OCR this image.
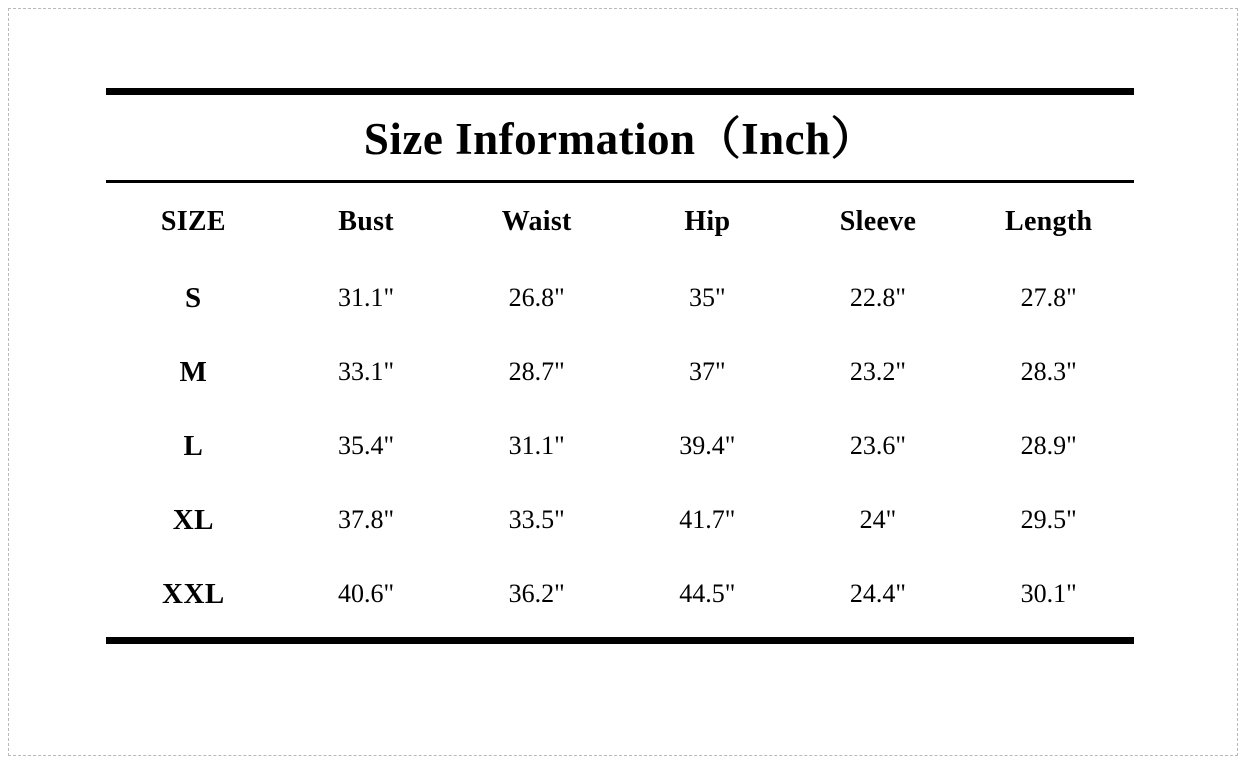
Size Information（Inch）
SIZE	Bust	Waist	Hip	Sleeve	Length
S	31.1"	26.8"	35"	22.8"	27.8"
M	33.1"	28.7"	37"	23.2"	28.3"
L	35.4"	31.1"	39.4"	23.6"	28.9"
XL	37.8"	33.5"	41.7"	24"	29.5"
XXL	40.6"	36.2"	44.5"	24.4"	30.1"
